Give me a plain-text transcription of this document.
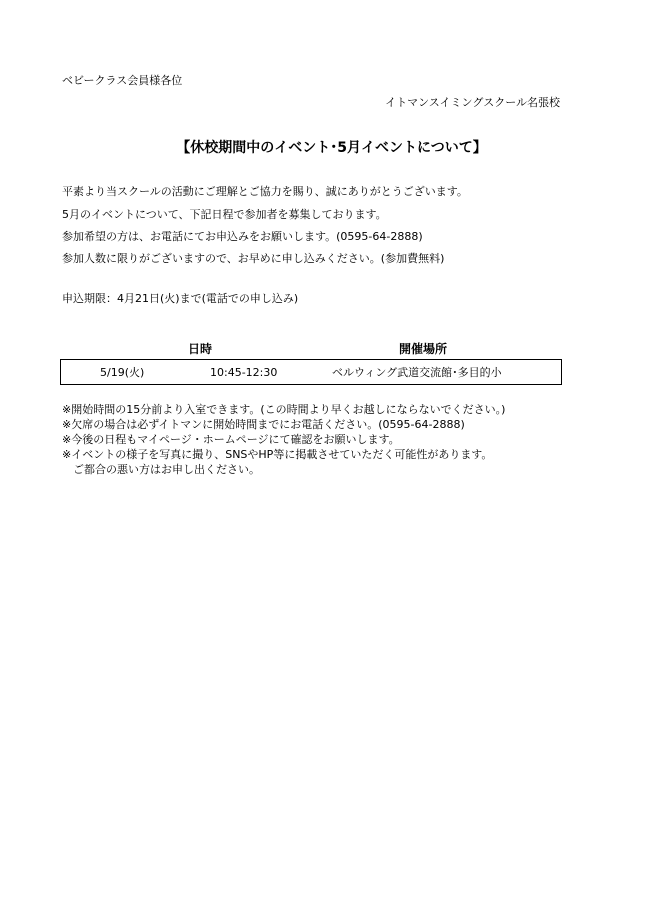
ベビークラス会員様各位
イトマンスイミングスクール名張校
【休校期間中のイベント･5月イベントについて】
平素より当スクールの活動にご理解とご協力を賜り、誠にありがとうございます。
5月のイベントについて、下記日程で参加者を募集しております。
参加希望の方は、お電話にてお申込みをお願いします。(0595-64-2888)
参加人数に限りがございますので、お早めに申し込みください。(参加費無料)
申込期限：4月21日(火)まで(電話での申し込み)
日時	開催場所
5/19(火)	10:45-12:30	ベルウィング武道交流館･多目的小
※開始時間の15分前より入室できます。(この時間より早くお越しにならないでください。)
※欠席の場合は必ずイトマンに開始時間までにお電話ください。(0595-64-2888)
※今後の日程もマイページ・ホームページにて確認をお願いします。
※イベントの様子を写真に撮り、SNSやHP等に掲載させていただく可能性があります。
　ご都合の悪い方はお申し出ください。
